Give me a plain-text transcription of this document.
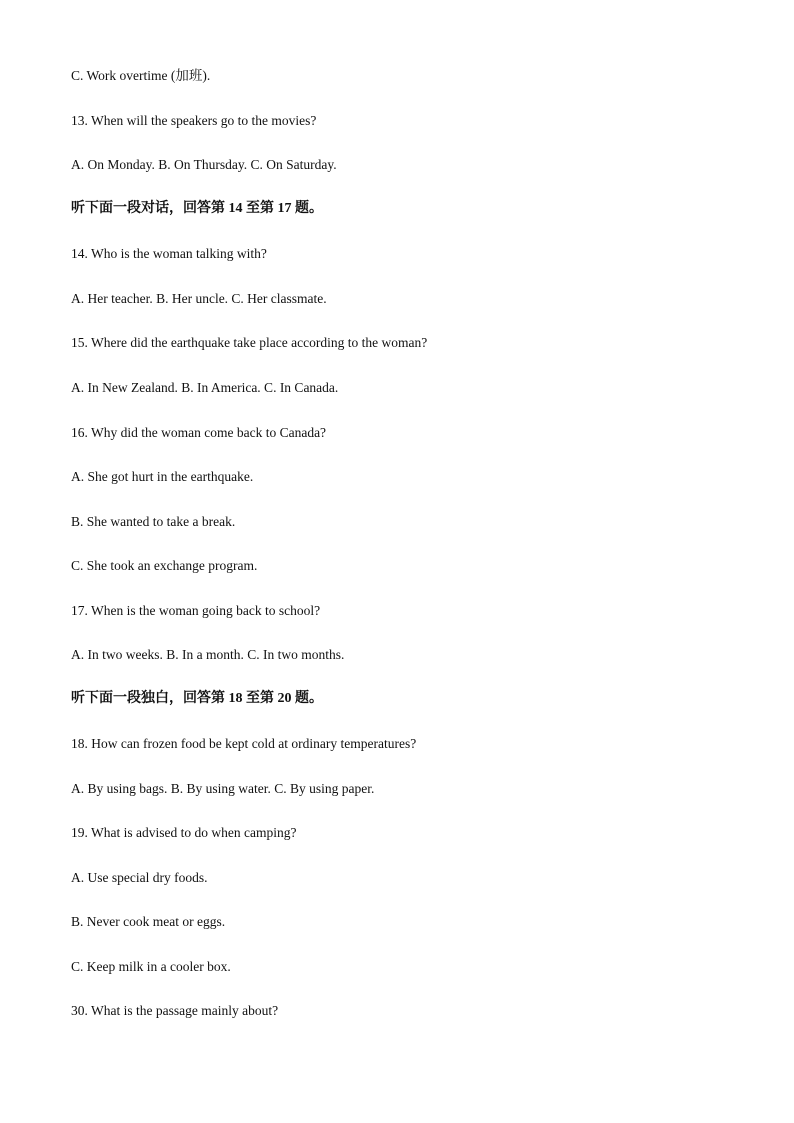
C. Work overtime (加班).
13. When will the speakers go to the movies?
A. On Monday. B. On Thursday. C. On Saturday.
听下面一段对话，回答第 14 至第 17 题。
14. Who is the woman talking with?
A. Her teacher. B. Her uncle. C. Her classmate.
15. Where did the earthquake take place according to the woman?
A. In New Zealand. B. In America. C. In Canada.
16. Why did the woman come back to Canada?
A. She got hurt in the earthquake.
B. She wanted to take a break.
C. She took an exchange program.
17. When is the woman going back to school?
A. In two weeks. B. In a month. C. In two months.
听下面一段独白，回答第 18 至第 20 题。
18. How can frozen food be kept cold at ordinary temperatures?
A. By using bags. B. By using water. C. By using paper.
19. What is advised to do when camping?
A. Use special dry foods.
B. Never cook meat or eggs.
C. Keep milk in a cooler box.
30. What is the passage mainly about?
